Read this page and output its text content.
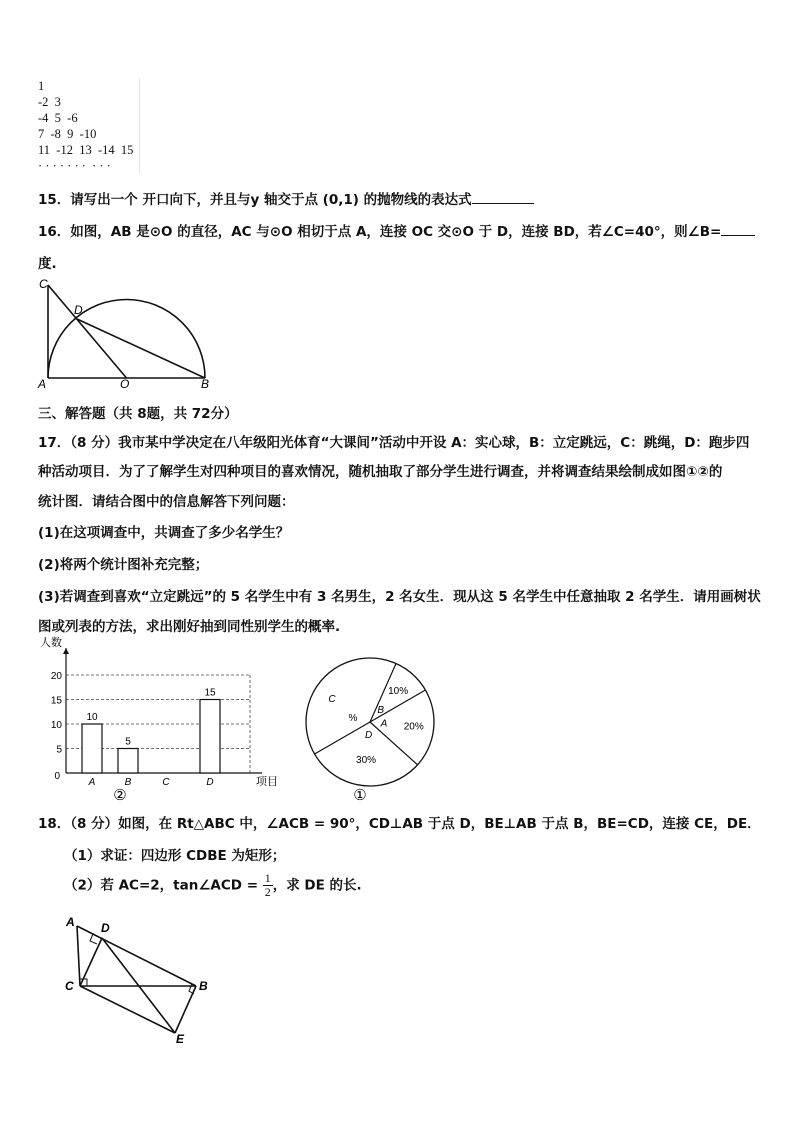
1
-2  3
-4  5  -6
7  -8  9  -10
11  -12  13  -14  15
· · · · · · ·  · · ·
15．请写出一个 开口向下，并且与y 轴交于点 (0,1) 的抛物线的表达式
16．如图，AB 是⊙O 的直径，AC 与⊙O 相切于点 A，连接 OC 交⊙O 于 D，连接 BD，若∠C=40°，则∠B=
度.
C
D
A	O	B
三、解答题（共 8题，共 72分）
17．（8 分）我市某中学决定在八年级阳光体育“大课间”活动中开设 A：实心球，B：立定跳远，C：跳绳，D：跑步四
种活动项目．为了了解学生对四种项目的喜欢情况，随机抽取了部分学生进行调查，并将调查结果绘制成如图①②的
统计图．请结合图中的信息解答下列问题：
(1)在这项调查中，共调查了多少名学生？
(2)将两个统计图补充完整；
(3)若调查到喜欢“立定跳远”的 5 名学生中有 3 名男生，2 名女生．现从这 5 名学生中任意抽取 2 名学生．请用画树状
图或列表的方法，求出刚好抽到同性别学生的概率.
人数
项目
0
5
10
15
20
A
10
B
5
C	D
15
②
10%
B
20%
A
30%
D
C
%
①
18．（8 分）如图，在 Rt△ABC 中，∠ACB = 90°，CD⊥AB 于点 D，BE⊥AB 于点 B，BE=CD，连接 CE，DE．
（1）求证：四边形 CDBE 为矩形；
（2）若 AC=2，tan∠ACD = $\frac{1}{2}$ ，求 DE 的长.
A D
C	B
E
